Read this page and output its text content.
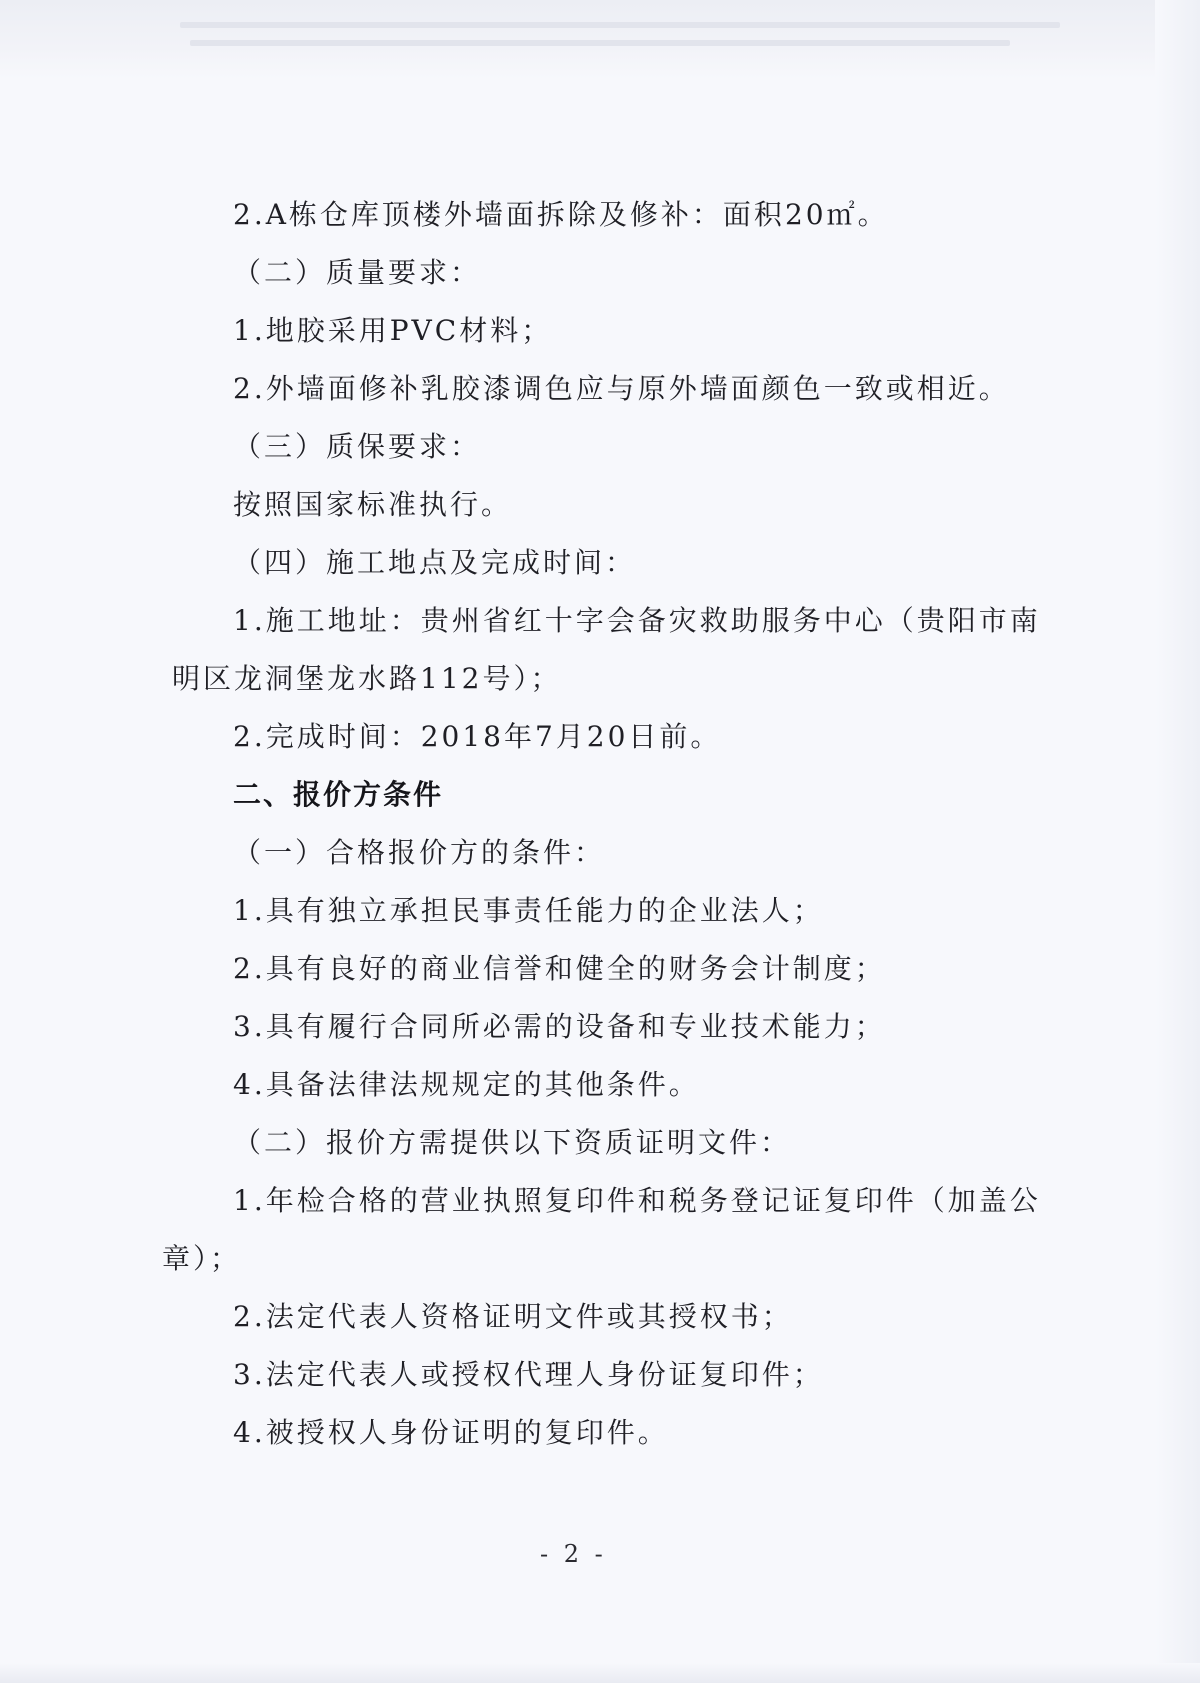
2.A栋仓库顶楼外墙面拆除及修补：面积20㎡。
（二）质量要求：
1.地胶采用PVC材料；
2.外墙面修补乳胶漆调色应与原外墙面颜色一致或相近。
（三）质保要求：
按照国家标准执行。
（四）施工地点及完成时间：
1.施工地址：贵州省红十字会备灾救助服务中心（贵阳市南
明区龙洞堡龙水路112号）；
2.完成时间：2018年7月20日前。
二、报价方条件
（一）合格报价方的条件：
1.具有独立承担民事责任能力的企业法人；
2.具有良好的商业信誉和健全的财务会计制度；
3.具有履行合同所必需的设备和专业技术能力；
4.具备法律法规规定的其他条件。
（二）报价方需提供以下资质证明文件：
1.年检合格的营业执照复印件和税务登记证复印件（加盖公
章）；
2.法定代表人资格证明文件或其授权书；
3.法定代表人或授权代理人身份证复印件；
4.被授权人身份证明的复印件。
- 2 -
